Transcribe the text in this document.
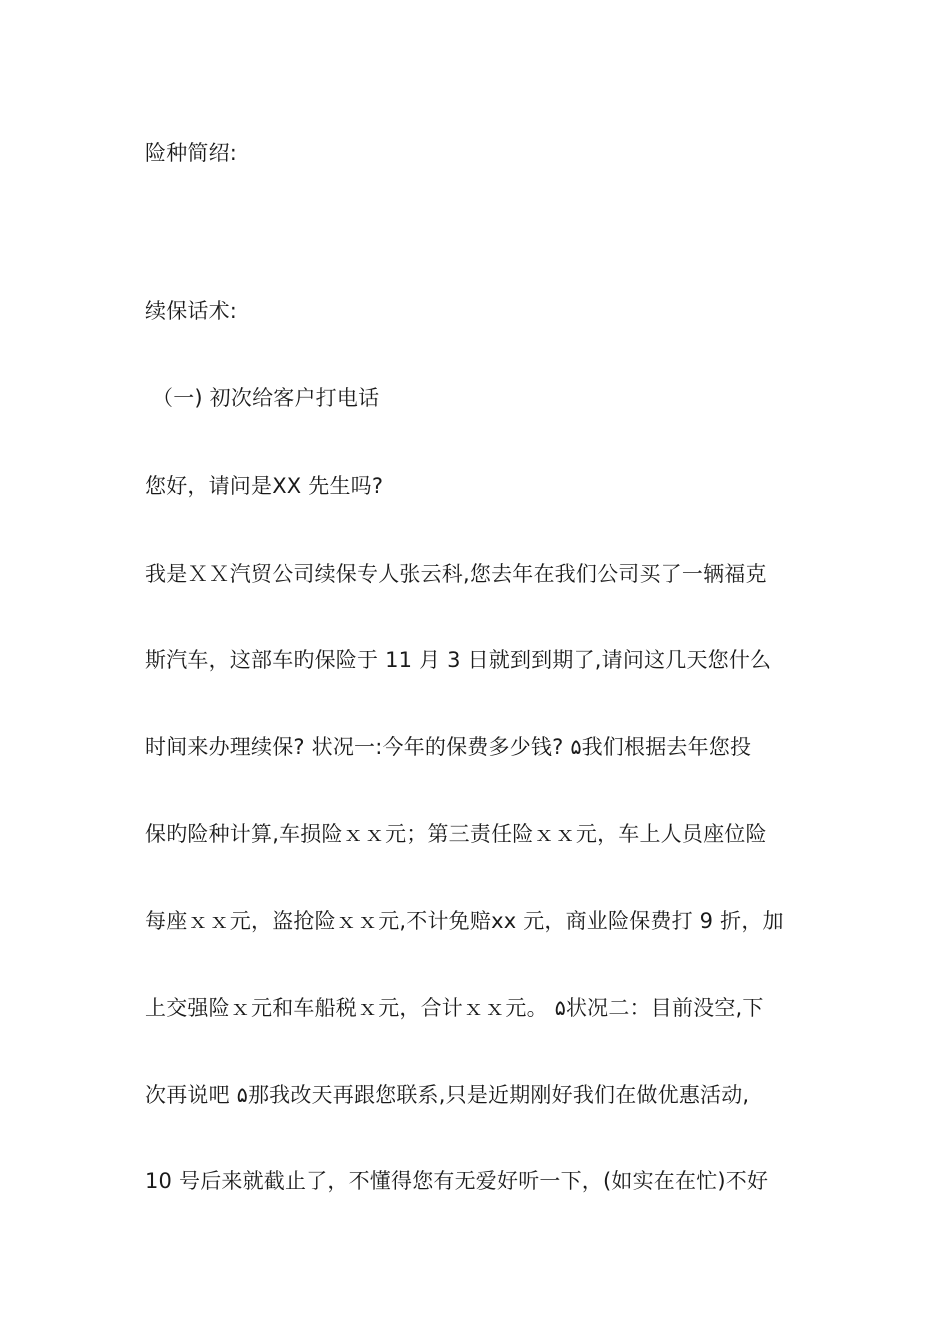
险种简绍:
续保话术:
（一) 初次给客户打电话
您好，请问是XX 先生吗?
我是ＸＸ汽贸公司续保专人张云科,您去年在我们公司买了一辆福克
斯汽车，这部车旳保险于 11 月 3 日就到到期了,请问这几天您什么
时间来办理续保? 状况一:今年的保费多少钱? ۵我们根据去年您投
保旳险种计算,车损险ｘｘ元；第三责任险ｘｘ元，车上人员座位险
每座ｘｘ元，盗抢险ｘｘ元,不计免赔xx 元，商业险保费打 9 折，加
上交强险ｘ元和车船税ｘ元，合计ｘｘ元。 ۵状况二：目前没空,下
次再说吧 ۵那我改天再跟您联系,只是近期刚好我们在做优惠活动,
10 号后来就截止了，不懂得您有无爱好听一下，(如实在在忙)不好
